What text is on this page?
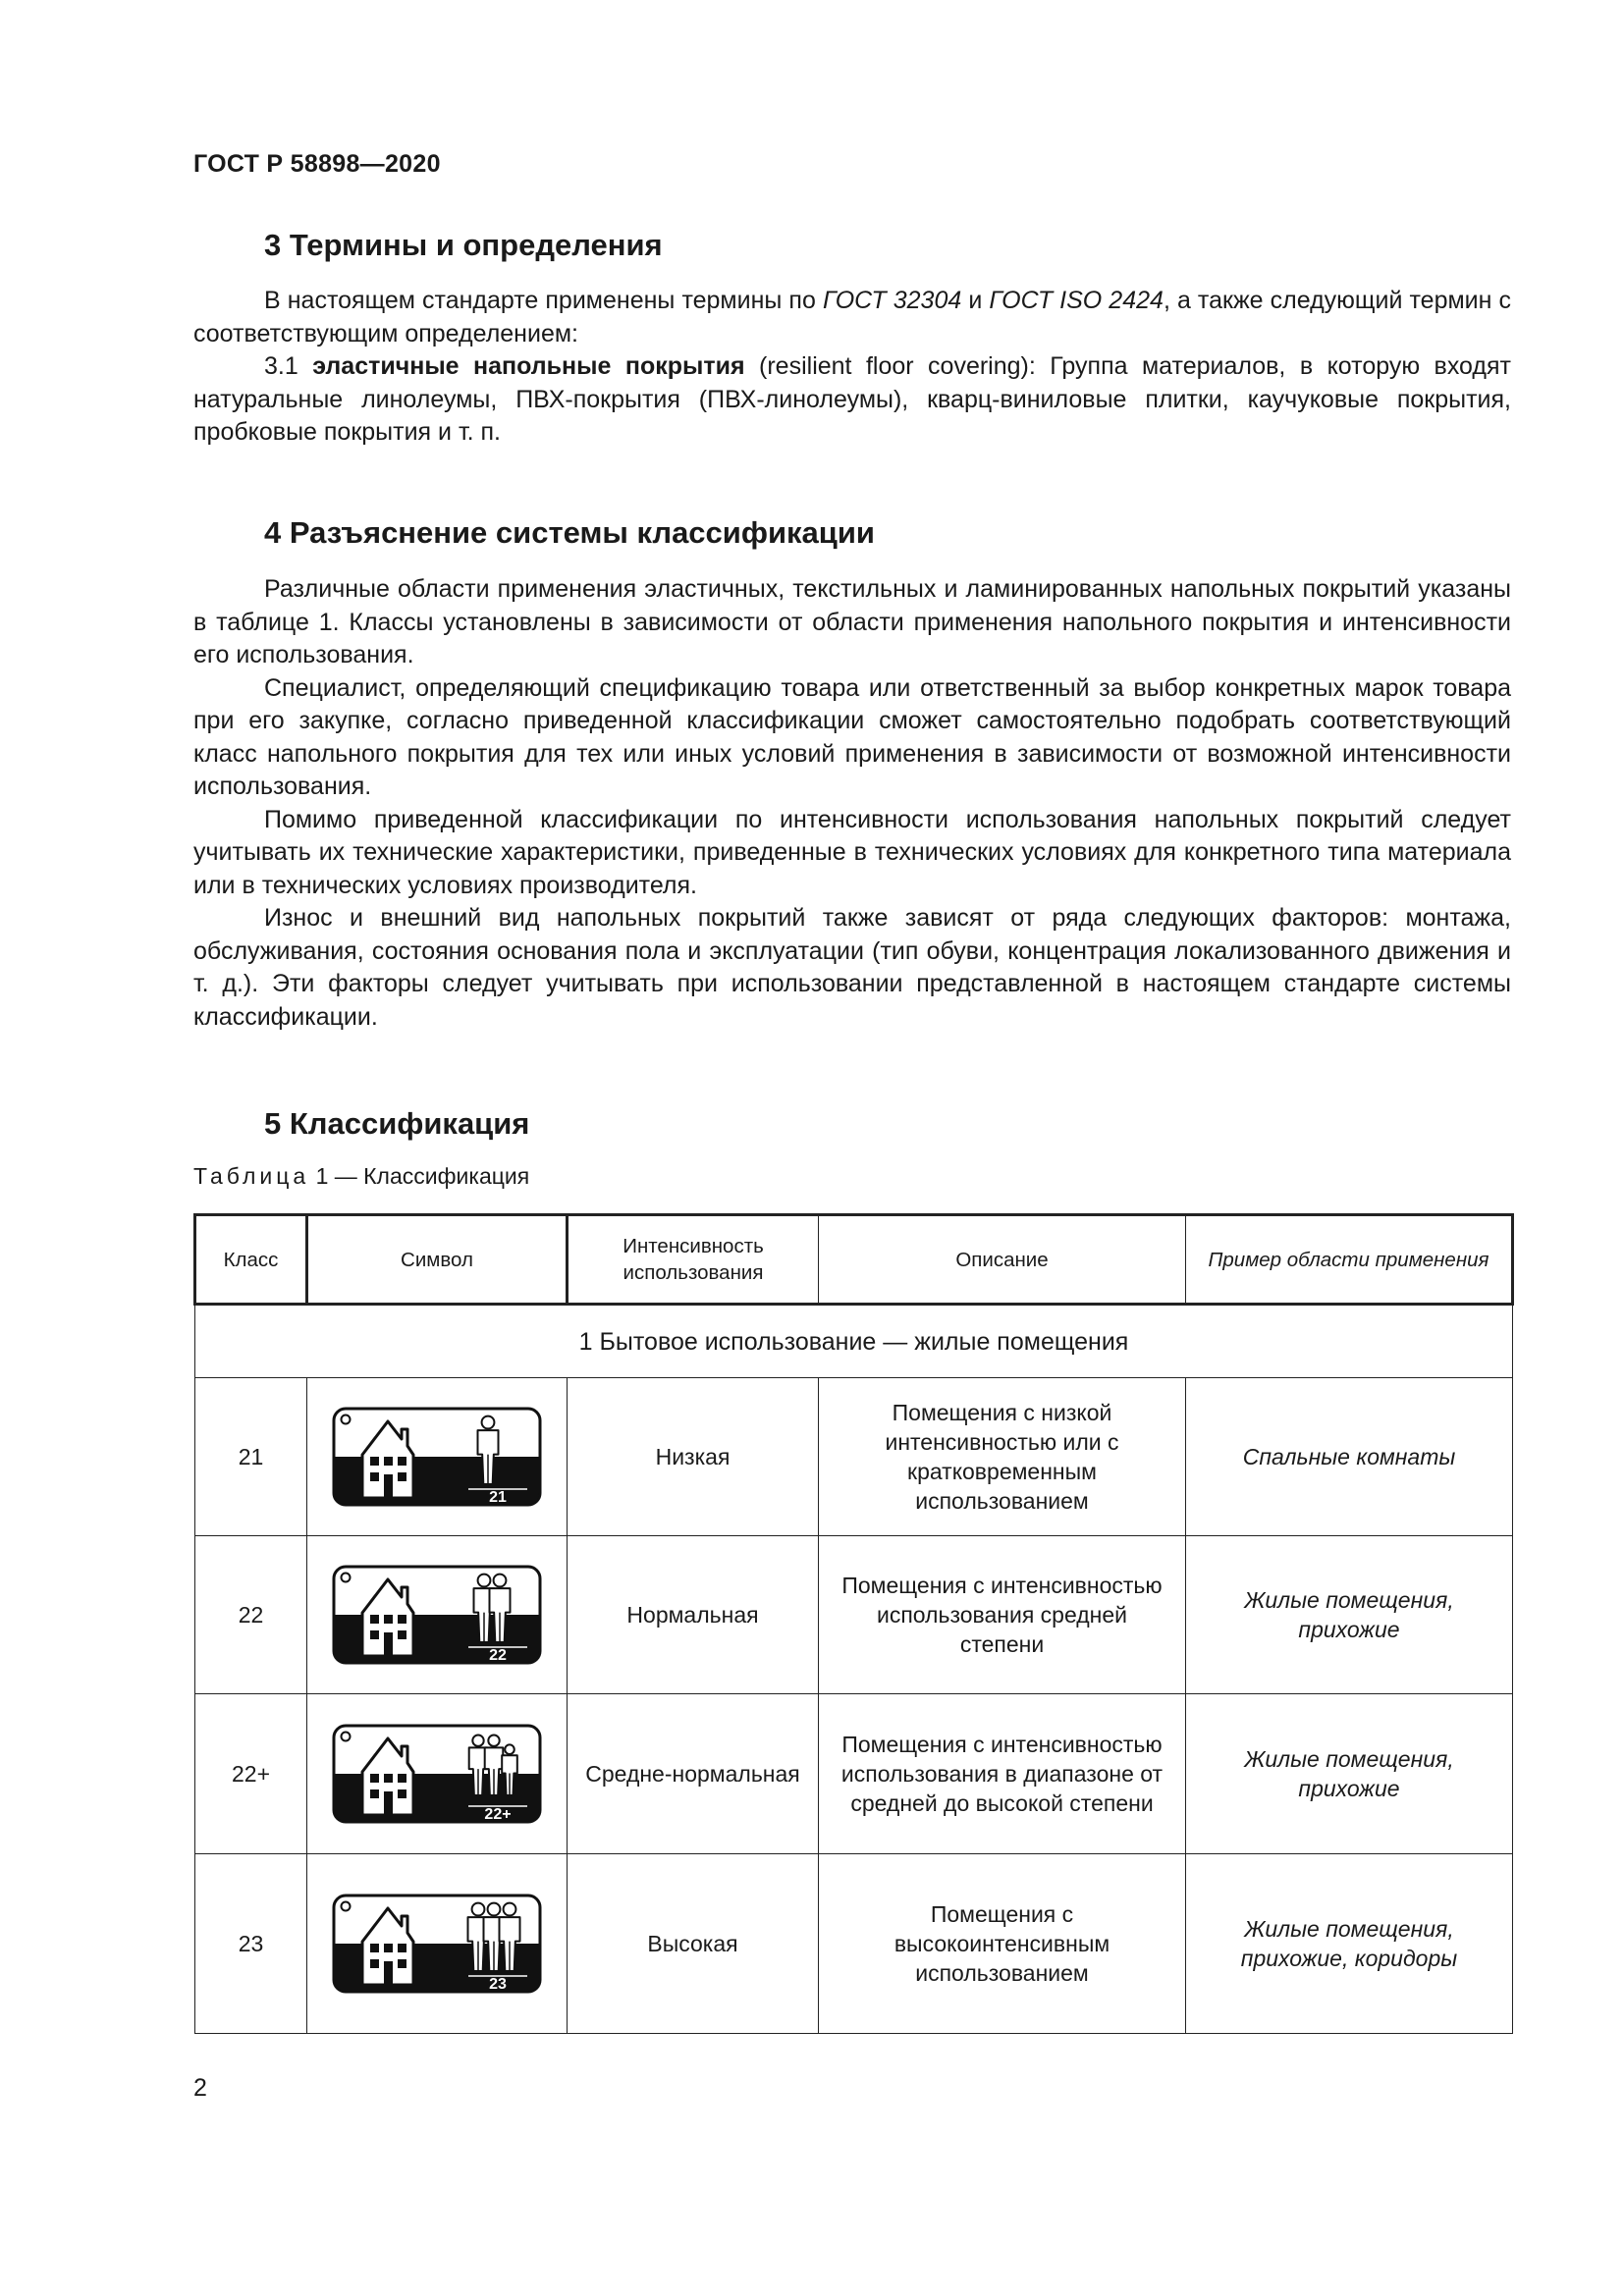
ГОСТ Р 58898—2020
3 Термины и определения

В настоящем стандарте применены термины по ГОСТ 32304 и ГОСТ ISO 2424, а также следующий термин с соответствующим определением:

3.1 эластичные напольные покрытия (resilient floor covering): Группа материалов, в которую входят натуральные линолеумы, ПВХ-покрытия (ПВХ-линолеумы), кварц-виниловые плитки, каучуковые покрытия, пробковые покрытия и т. п.

4 Разъяснение системы классификации

Различные области применения эластичных, текстильных и ламинированных напольных покрытий указаны в таблице 1. Классы установлены в зависимости от области применения напольного покрытия и интенсивности его использования.

Специалист, определяющий спецификацию товара или ответственный за выбор конкретных марок товара при его закупке, согласно приведенной классификации сможет самостоятельно подобрать соответствующий класс напольного покрытия для тех или иных условий применения в зависимости от возможной интенсивности использования.

Помимо приведенной классификации по интенсивности использования напольных покрытий следует учитывать их технические характеристики, приведенные в технических условиях для конкретного типа материала или в технических условиях производителя.

Износ и внешний вид напольных покрытий также зависят от ряда следующих факторов: монтажа, обслуживания, состояния основания пола и эксплуатации (тип обуви, концентрация локализованного движения и т. д.). Эти факторы следует учитывать при использовании представленной в настоящем стандарте системы классификации.

5 Классификация
Таблица 1 — Классификация
Класс	Символ	Интенсивность использования	Описание	Пример области применения
1 Бытовое использование — жилые помещения				
21	21	Низкая	Помещения с низкой интенсивностью или с кратковременным использованием	Спальные комнаты
22	22	Нормальная	Помещения с интенсивностью использования средней степени	Жилые помещения, прихожие
22+	22+	Средне-нормальная	Помещения с интенсивностью использования в диапазоне от средней до высокой степени	Жилые помещения, прихожие
23	23	Высокая	Помещения с высокоинтенсивным использованием	Жилые помещения, прихожие, коридоры
2
